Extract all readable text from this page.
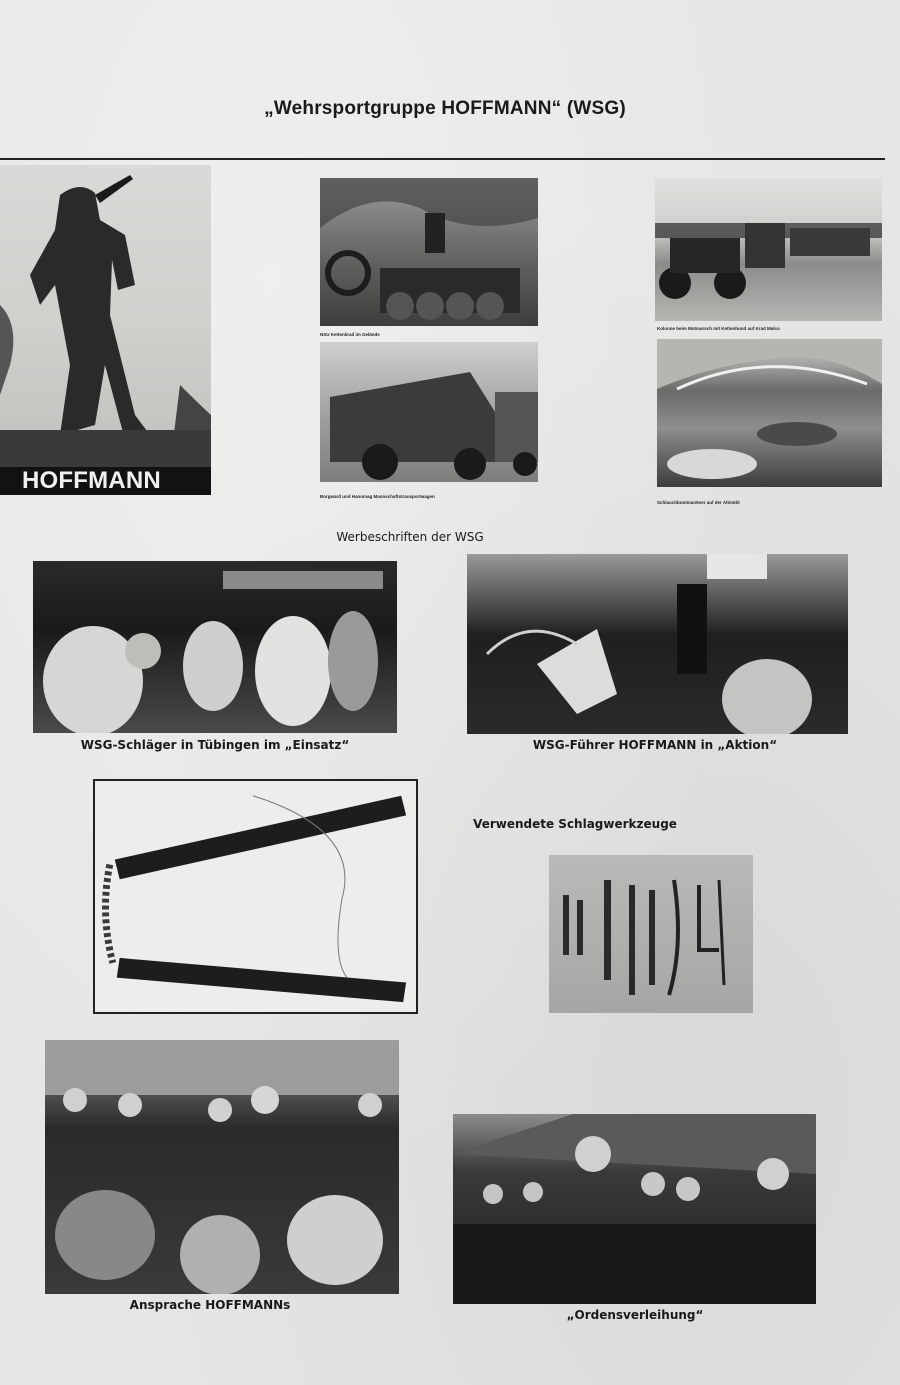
„Wehrsportgruppe HOFFMANN“ (WSG)
HOFFMANN
NSU Kettenkrad im Gelände
Kolonne beim Motmarsch mit Kettenhund auf Krad Malco
Borgward und Hanomag Mannschaftstransportwagen
Schlauchbootmanöver auf der Altmühl
Werbeschriften der WSG
WSG-Schläger in Tübingen im „Einsatz“	WSG-Führer HOFFMANN in „Aktion“
Verwendete Schlagwerkzeuge
Ansprache HOFFMANNs
„Ordensverleihung“
